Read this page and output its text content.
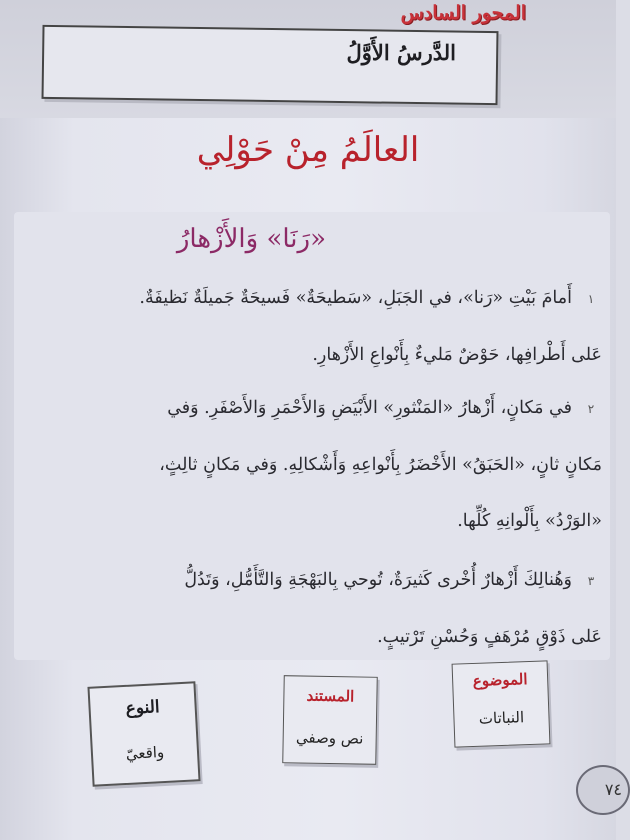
المحور السادس
الدَّرسُ الأَوَّلُ
العالَمُ مِنْ حَوْلِي
«رَنَا» وَالأَزْهارُ
١أَمامَ بَيْتِ «رَنا»، في الجَبَلِ، «سَطيحَةٌ» فَسيحَةٌ جَميلَةٌ نَظيفَةٌ.
عَلى أَطْرافِها، حَوْضٌ مَليءٌ بِأَنْواعِ الأَزْهارِ.
٢في مَكانٍ، أَزْهارُ «المَنْثورِ» الأَبْيَضِ وَالأَحْمَرِ وَالأَصْفَرِ. وَفي
مَكانٍ ثانٍ، «الحَبَقُ» الأَخْضَرُ بِأَنْواعِهِ وَأَشْكالِهِ. وَفي مَكانٍ ثالِثٍ،
«الوَرْدُ» بِأَلْوانِهِ كُلِّها.
٣وَهُنالِكَ أَزْهارٌ أُخْرى كَثيرَةٌ، تُوحي بِالبَهْجَةِ وَالتَّأَمُّلِ، وَتَدُلُّ
عَلى ذَوْقٍ مُرْهَفٍ وَحُسْنِ تَرْتيبٍ.
الموضوع
النباتات
المستند
نص وصفي
النوع
واقعيّ
٧٤
